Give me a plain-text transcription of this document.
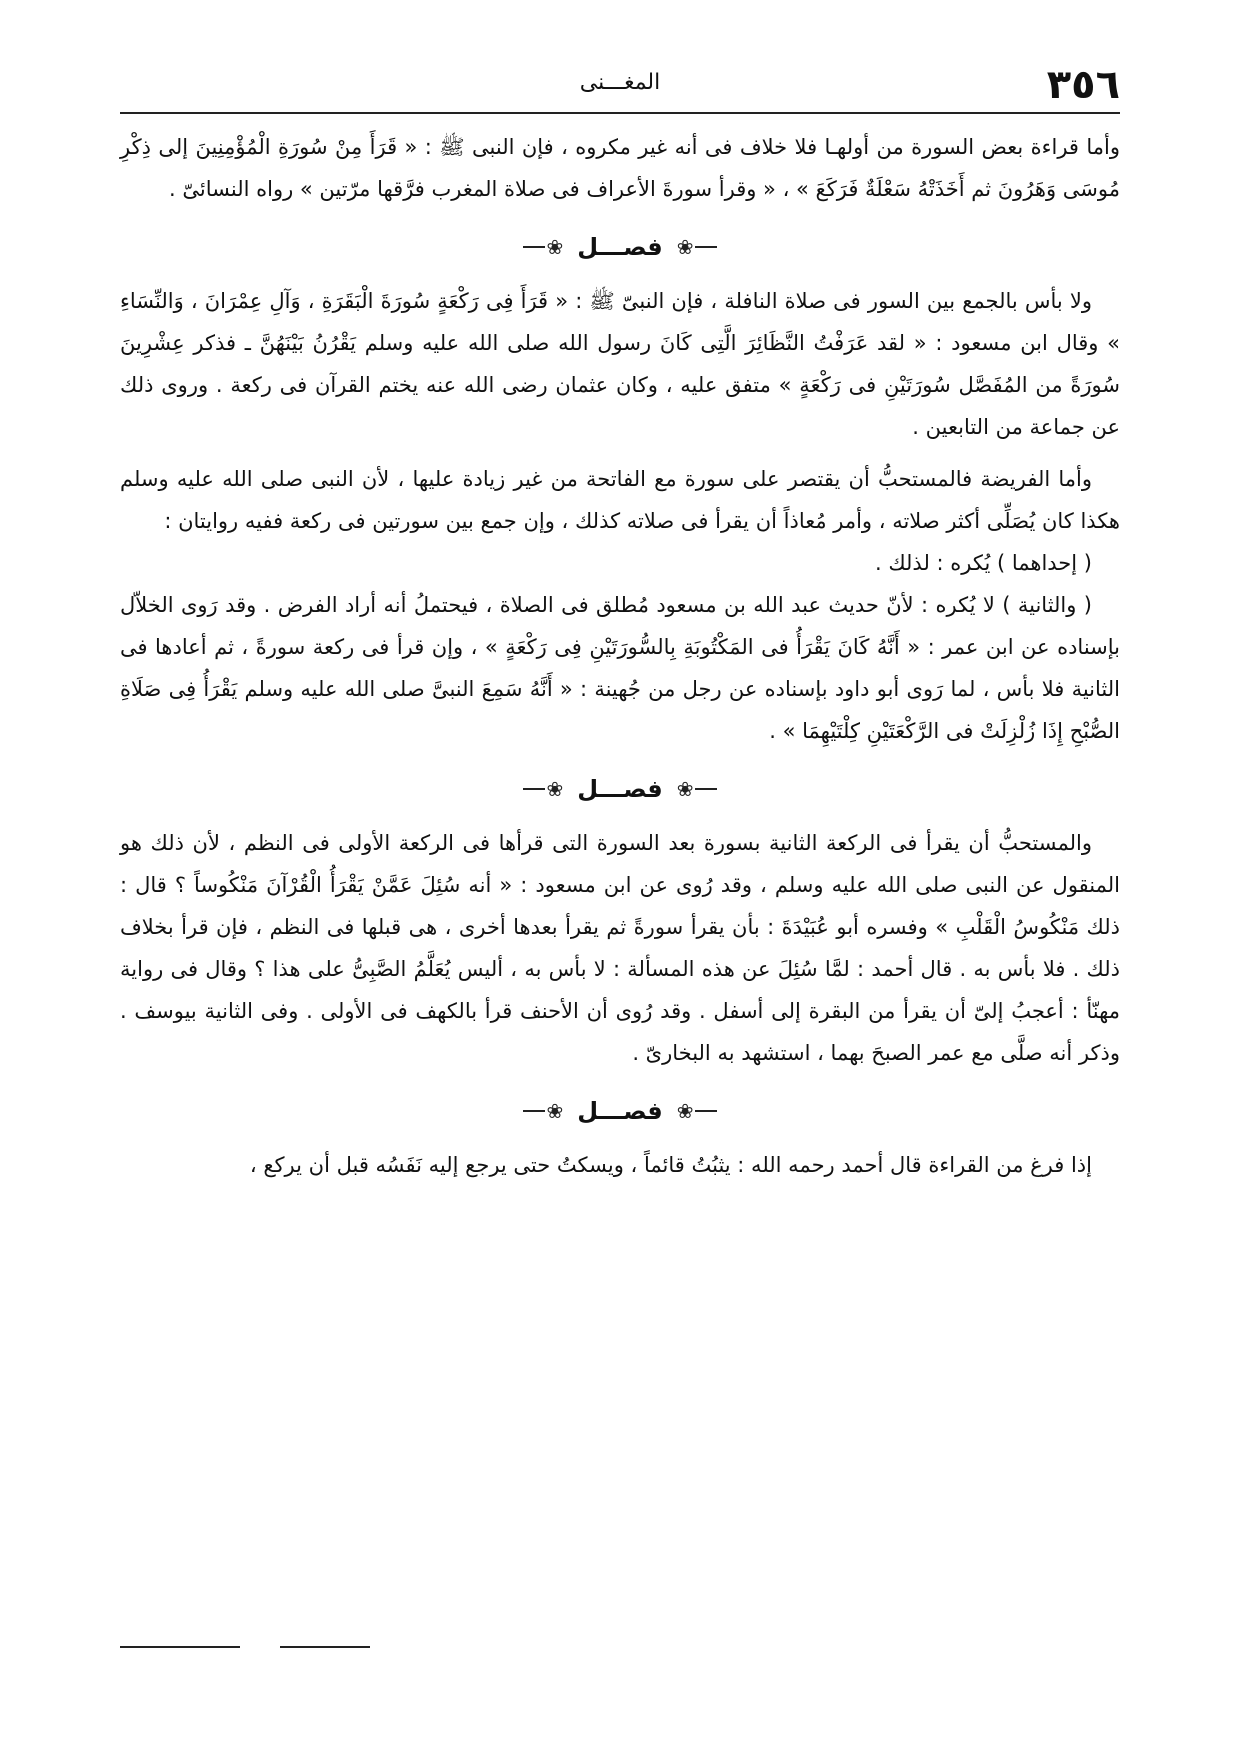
٣٥٦
المغـــنى

وأما قراءة بعض السورة من أولهـا فلا خلاف فى أنه غير مكروه ، فإن النبى ﷺ : « قَرَأَ مِنْ سُورَةِ الْمُؤْمِنِينَ إلى ذِكْرِ مُوسَى وَهَرُونَ ثم أَخَذَتْهُ سَعْلَةٌ فَرَكَعَ » ، « وقرأ سورةَ الأعراف فى صلاة المغرب فرَّقها مرّتين » رواه النسائىّ .

❀
فصـــل
❀

ولا بأس بالجمع بين السور فى صلاة النافلة ، فإن النبىّ ﷺ : « قَرَأَ فِى رَكْعَةٍ سُورَةَ الْبَقَرَةِ ، وَآلِ عِمْرَانَ ، وَالنِّسَاءِ » وقال ابن مسعود : « لقد عَرَفْتُ النَّظَائِرَ الَّتِى كَانَ رسول الله صلى الله عليه وسلم يَقْرُنُ بَيْنَهُنَّ ـ فذكر عِشْرِينَ سُورَةً من المُفَصَّل سُورَتَيْنِ فى رَكْعَةٍ » متفق عليه ، وكان عثمان رضى الله عنه يختم القرآن فى ركعة . وروى ذلك عن جماعة من التابعين .

وأما الفريضة فالمستحبُّ أن يقتصر على سورة مع الفاتحة من غير زيادة عليها ، لأن النبى صلى الله عليه وسلم هكذا كان يُصَلِّى أكثر صلاته ، وأمر مُعاذاً أن يقرأ فى صلاته كذلك ، وإن جمع بين سورتين فى ركعة ففيه روايتان :

( إحداهما ) يُكره : لذلك .

( والثانية ) لا يُكره : لأنّ حديث عبد الله بن مسعود مُطلق فى الصلاة ، فيحتملُ أنه أراد الفرض . وقد رَوى الخلاّل بإسناده عن ابن عمر : « أَنَّهُ كَانَ يَقْرَأُ فى المَكْتُوبَةِ بِالسُّورَتَيْنِ فِى رَكْعَةٍ » ، وإن قرأ فى ركعة سورةً ، ثم أعادها فى الثانية فلا بأس ، لما رَوى أبو داود بإسناده عن رجل من جُهينة : « أَنَّهُ سَمِعَ النبىَّ صلى الله عليه وسلم يَقْرَأُ فِى صَلَاةِ الصُّبْحِ إِذَا زُلْزِلَتْ فى الرَّكْعَتَيْنِ كِلْتَيْهِمَا » .

❀
فصـــل
❀

والمستحبُّ أن يقرأ فى الركعة الثانية بسورة بعد السورة التى قرأها فى الركعة الأولى فى النظم ، لأن ذلك هو المنقول عن النبى صلى الله عليه وسلم ، وقد رُوى عن ابن مسعود : « أنه سُئِلَ عَمَّنْ يَقْرَأُ الْقُرْآنَ مَنْكُوساً ؟ قال : ذلك مَنْكُوسُ الْقَلْبِ » وفسره أبو عُبَيْدَةَ : بأن يقرأ سورةً ثم يقرأ بعدها أخرى ، هى قبلها فى النظم ، فإن قرأ بخلاف ذلك . فلا بأس به . قال أحمد : لمَّا سُئِلَ عن هذه المسألة : لا بأس به ، أليس يُعَلَّمُ الصَّبِىُّ على هذا ؟ وقال فى رواية مهنّأ : أعجبُ إلىّ أن يقرأ من البقرة إلى أسفل . وقد رُوى أن الأحنف قرأ بالكهف فى الأولى . وفى الثانية بيوسف . وذكر أنه صلَّى مع عمر الصبحَ بهما ، استشهد به البخارىّ .

❀
فصـــل
❀

إذا فرغ من القراءة قال أحمد رحمه الله : يثبُتُ قائماً ، ويسكتُ حتى يرجع إليه نَفَسُه قبل أن يركع ،
